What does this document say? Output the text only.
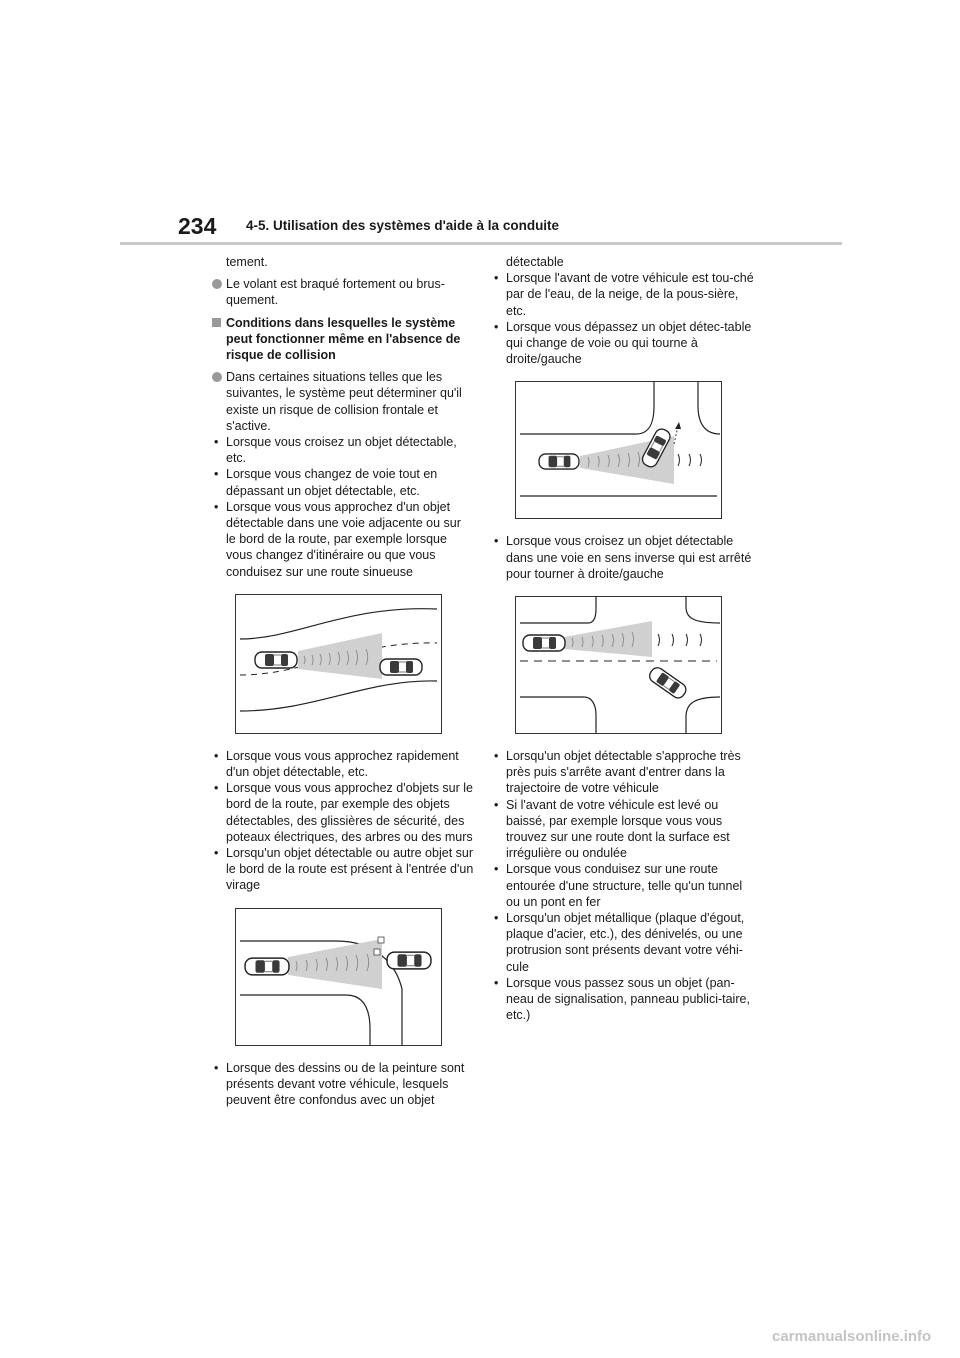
234 4-5. Utilisation des systèmes d'aide à la conduite

tement.

Le volant est braqué fortement ou brus-quement.
Conditions dans lesquelles le système peut fonctionner même en l'absence de risque de collision
Dans certaines situations telles que les suivantes, le système peut déterminer qu'il existe un risque de collision frontale et s'active.
• Lorsque vous croisez un objet détectable, etc.
• Lorsque vous changez de voie tout en dépassant un objet détectable, etc.
• Lorsque vous vous approchez d'un objet détectable dans une voie adjacente ou sur le bord de la route, par exemple lorsque vous changez d'itinéraire ou que vous conduisez sur une route sinueuse
• Lorsque vous vous approchez rapidement d'un objet détectable, etc.
• Lorsque vous vous approchez d'objets sur le bord de la route, par exemple des objets détectables, des glissières de sécurité, des poteaux électriques, des arbres ou des murs
• Lorsqu'un objet détectable ou autre objet sur le bord de la route est présent à l'entrée d'un virage
• Lorsque des dessins ou de la peinture sont présents devant votre véhicule, lesquels peuvent être confondus avec un objet
détectable
• Lorsque l'avant de votre véhicule est tou-ché par de l'eau, de la neige, de la pous-sière, etc.
• Lorsque vous dépassez un objet détec-table qui change de voie ou qui tourne à droite/gauche
• Lorsque vous croisez un objet détectable dans une voie en sens inverse qui est arrêté pour tourner à droite/gauche
• Lorsqu'un objet détectable s'approche très près puis s'arrête avant d'entrer dans la trajectoire de votre véhicule
• Si l'avant de votre véhicule est levé ou baissé, par exemple lorsque vous vous trouvez sur une route dont la surface est irrégulière ou ondulée
• Lorsque vous conduisez sur une route entourée d'une structure, telle qu'un tunnel ou un pont en fer
• Lorsqu'un objet métallique (plaque d'égout, plaque d'acier, etc.), des dénivelés, ou une protrusion sont présents devant votre véhi-cule
• Lorsque vous passez sous un objet (pan-neau de signalisation, panneau publici-taire, etc.)
carmanualsonline.info
